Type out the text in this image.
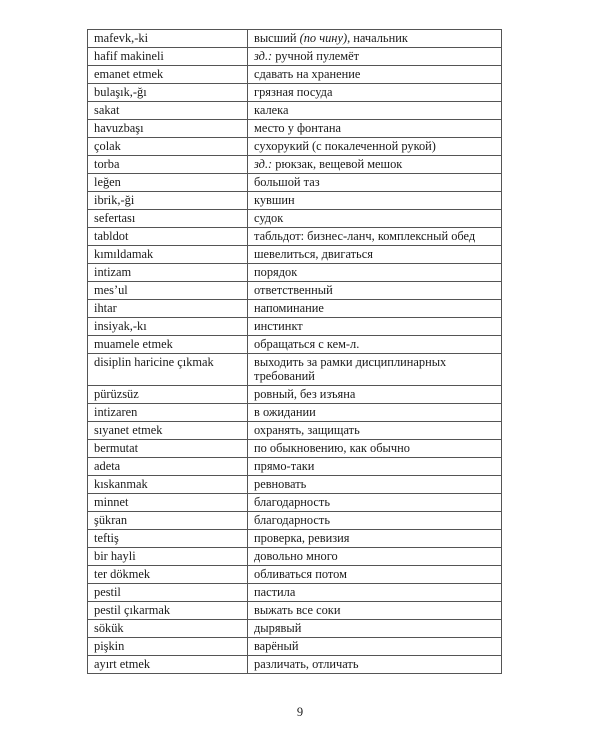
mafevk,-ki	высший (по чину), начальник
hafif makineli	зд.: ручной пулемёт
emanet etmek	сдавать на хранение
bulaşık,-ğı	грязная посуда
sakat	калека
havuzbaşı	место у фонтана
çolak	сухорукий (с покалеченной рукой)
torba	зд.: рюкзак, вещевой мешок
leğen	большой таз
ibrik,-ği	кувшин
sefertası	судок
tabldot	табльдот: бизнес-ланч, комплексный обед
kımıldamak	шевелиться, двигаться
intizam	порядок
mes’ul	ответственный
ihtar	напоминание
insiyak,-kı	инстинкт
muamele etmek	обращаться с кем-л.
disiplin haricine çıkmak	выходить за рамки дисциплинарных требований
pürüzsüz	ровный, без изъяна
intizaren	в ожидании
sıyanet etmek	охранять, защищать
bermutat	по обыкновению, как обычно
adeta	прямо-таки
kıskanmak	ревновать
minnet	благодарность
şükran	благодарность
teftiş	проверка, ревизия
bir hayli	довольно много
ter dökmek	обливаться потом
pestil	пастила
pestil çıkarmak	выжать все соки
sökük	дырявый
pişkin	варёный
ayırt etmek	различать, отличать
9
